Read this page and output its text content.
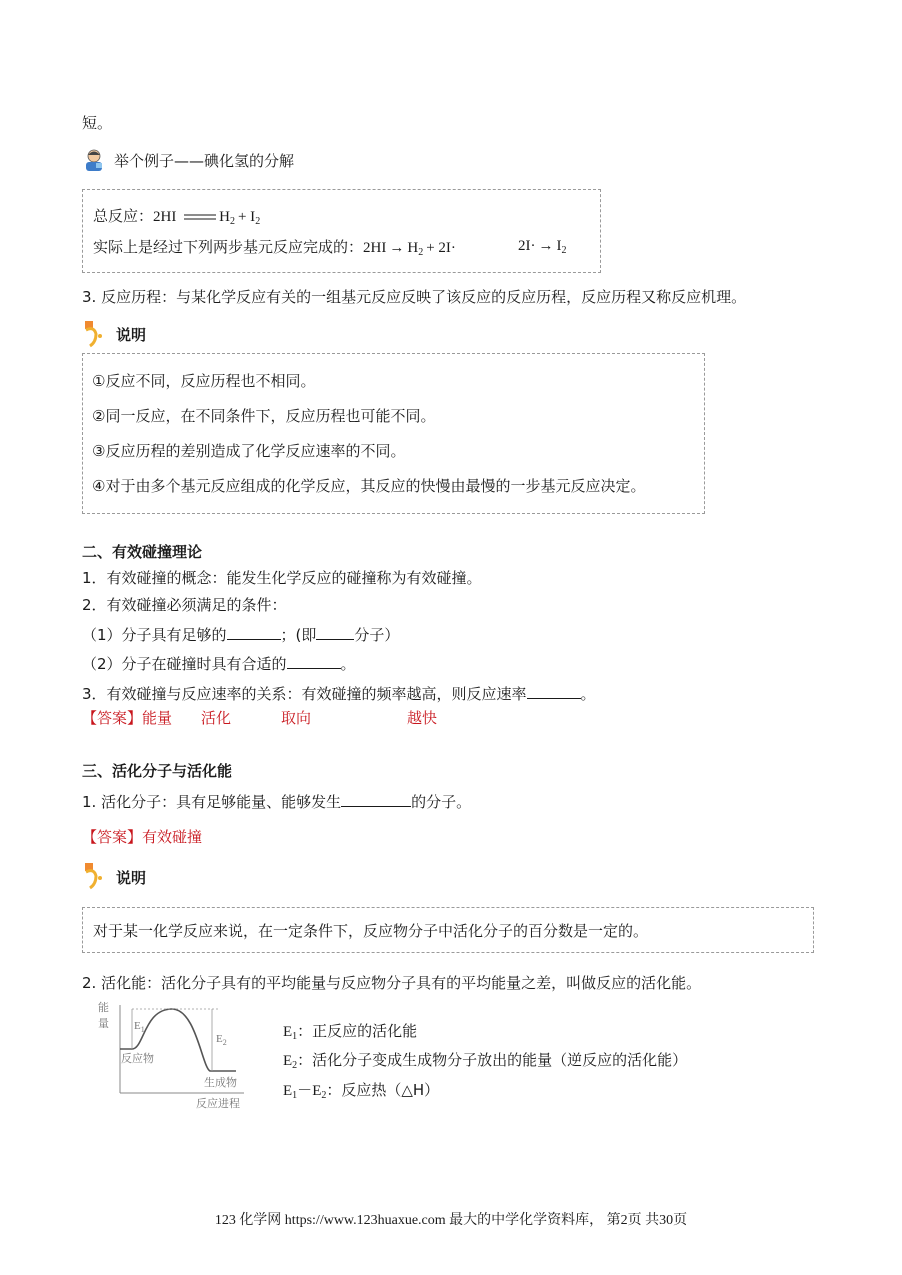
短。
举个例子——碘化氢的分解
总反应：2HI	$H_2 + I_2$
实际上是经过下列两步基元反应完成的：$2HI \to H_2 + 2I\cdot$	$2I\cdot \to I_2$
3. 反应历程：与某化学反应有关的一组基元反应反映了该反应的反应历程，反应历程又称反应机理。
说明
①反应不同，反应历程也不相同。
②同一反应，在不同条件下，反应历程也可能不同。
③反应历程的差别造成了化学反应速率的不同。
④对于由多个基元反应组成的化学反应，其反应的快慢由最慢的一步基元反应决定。
二、有效碰撞理论
1．有效碰撞的概念：能发生化学反应的碰撞称为有效碰撞。
2．有效碰撞必须满足的条件：
（1）分子具有足够的	；(即	分子）
（2）分子在碰撞时具有合适的	。
3．有效碰撞与反应速率的关系：有效碰撞的频率越高，则反应速率	。
【答案】能量 活化	取向	越快
三、活化分子与活化能
1. 活化分子：具有足够能量、能够发生	的分子。
【答案】有效碰撞
说明
对于某一化学反应来说，在一定条件下，反应物分子中活化分子的百分数是一定的。
2. 活化能：活化分子具有的平均能量与反应物分子具有的平均能量之差，叫做反应的活化能。
能
量 $E_1$
$E_2$
反应物
生成物
反应进程
$E_1$：正反应的活化能
$E_2$：活化分子变成生成物分子放出的能量（逆反应的活化能）
$E_1-E_2$：反应热（△H）
123 化学网 https://www.123huaxue.com 最大的中学化学资料库， 第2页 共30页
